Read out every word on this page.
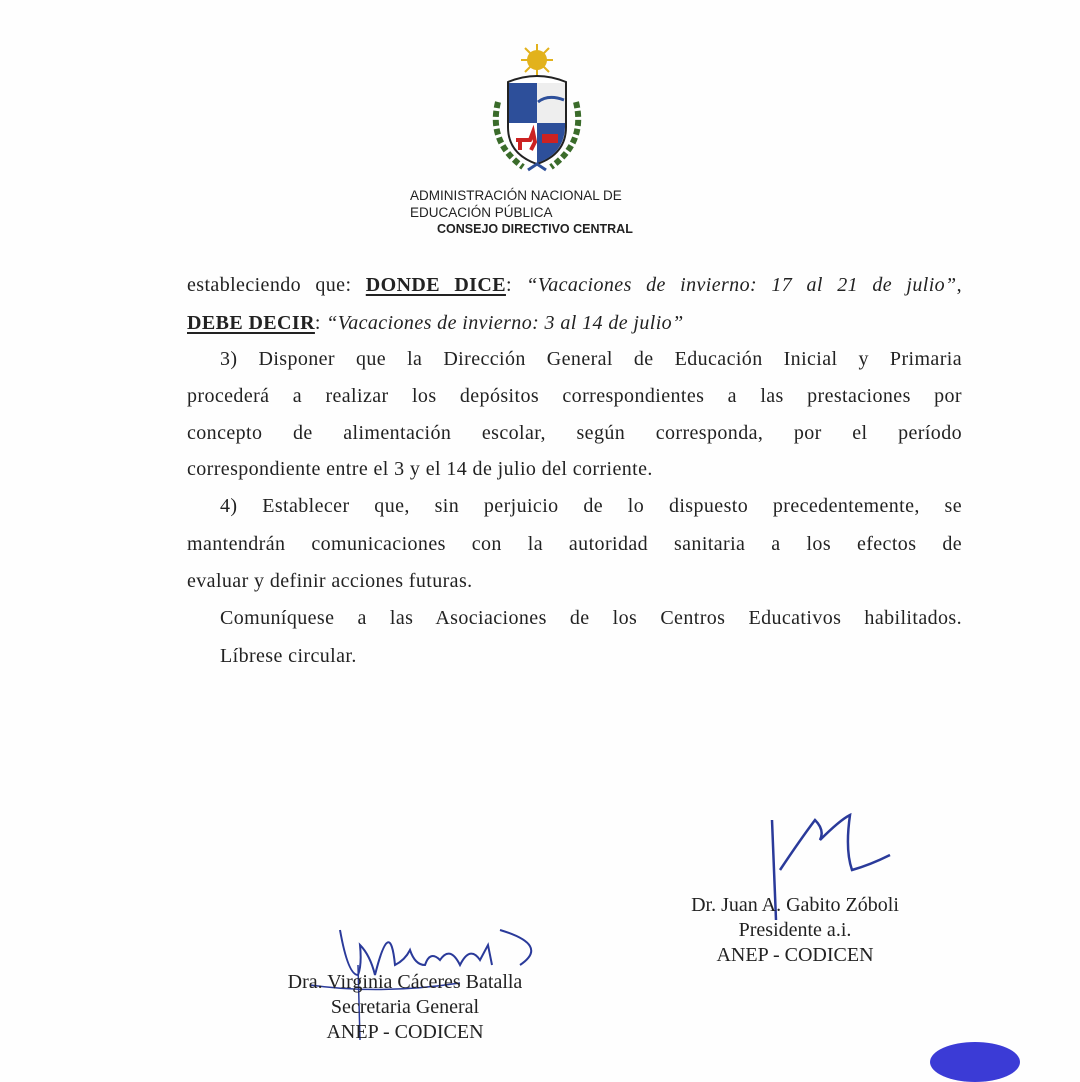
ADMINISTRACIÓN NACIONAL DE
EDUCACIÓN PÚBLICA
CONSEJO DIRECTIVO CENTRAL
estableciendo que: DONDE DICE: “Vacaciones de invierno: 17 al 21 de julio”,
DEBE DECIR: “Vacaciones de invierno: 3 al 14 de julio”
3) Disponer que la Dirección General de Educación Inicial y Primaria
procederá a realizar los depósitos correspondientes a las prestaciones por
concepto de alimentación escolar, según corresponda, por el período
correspondiente entre el 3 y el 14 de julio del corriente.
4) Establecer que, sin perjuicio de lo dispuesto precedentemente, se
mantendrán comunicaciones con la autoridad sanitaria a los efectos de
evaluar y definir acciones futuras.
Comuníquese a las Asociaciones de los Centros Educativos habilitados.
Líbrese circular.
Dr. Juan A. Gabito Zóboli
Presidente a.i.
ANEP - CODICEN
Dra. Virginia Cáceres Batalla
Secretaria General
ANEP - CODICEN
